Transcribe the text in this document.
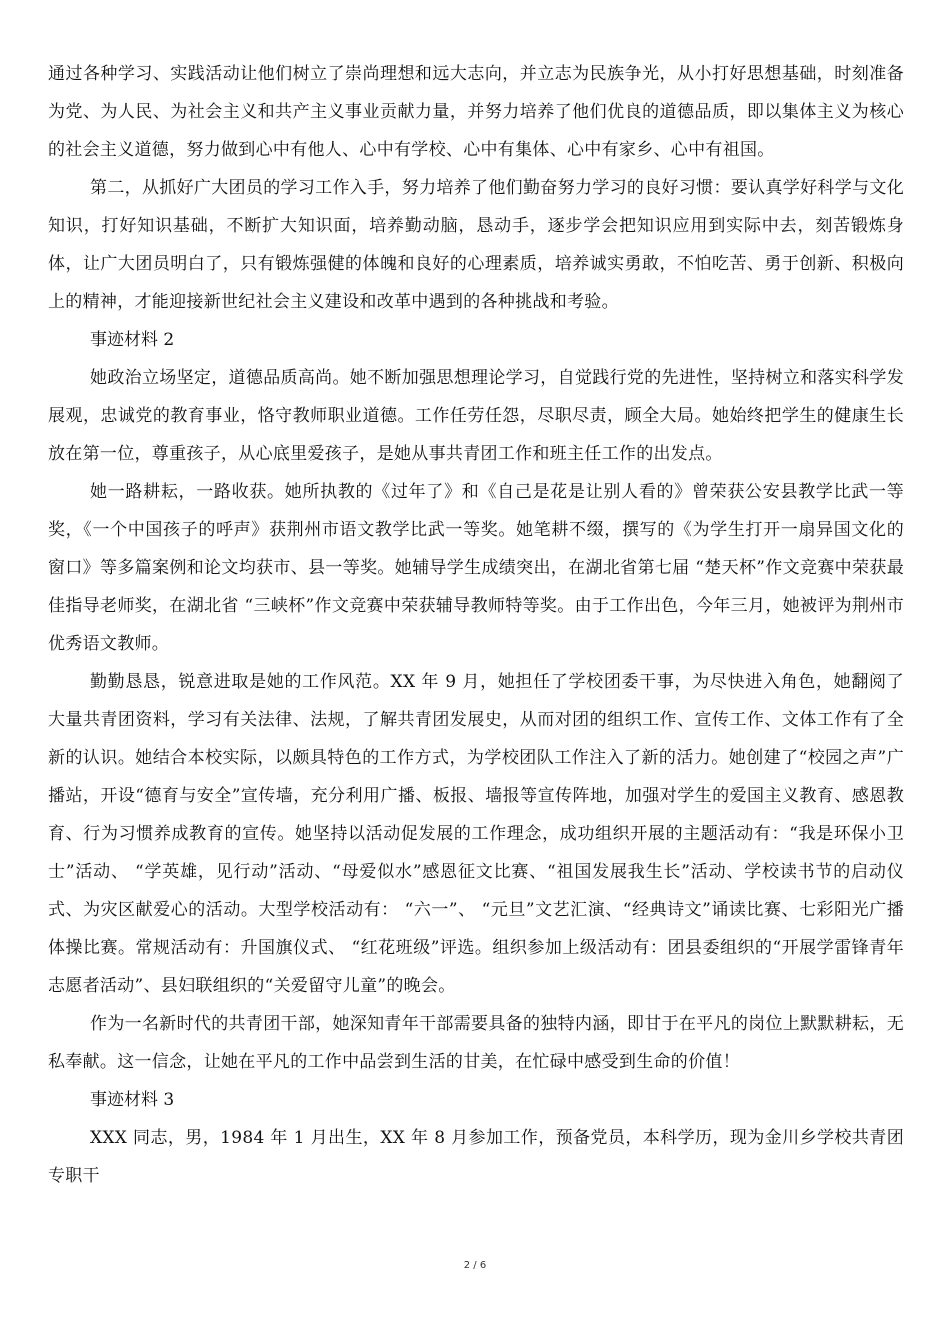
通过各种学习、实践活动让他们树立了崇尚理想和远大志向，并立志为民族争光，从小打好思想基础，时刻准备为党、为人民、为社会主义和共产主义事业贡献力量，并努力培养了他们优良的道德品质，即以集体主义为核心的社会主义道德，努力做到心中有他人、心中有学校、心中有集体、心中有家乡、心中有祖国。

第二，从抓好广大团员的学习工作入手，努力培养了他们勤奋努力学习的良好习惯：要认真学好科学与文化知识，打好知识基础，不断扩大知识面，培养勤动脑，恳动手，逐步学会把知识应用到实际中去，刻苦锻炼身体，让广大团员明白了，只有锻炼强健的体魄和良好的心理素质，培养诚实勇敢，不怕吃苦、勇于创新、积极向上的精神，才能迎接新世纪社会主义建设和改革中遇到的各种挑战和考验。

事迹材料 2

她政治立场坚定，道德品质高尚。她不断加强思想理论学习，自觉践行党的先进性，坚持树立和落实科学发展观，忠诚党的教育事业，恪守教师职业道德。工作任劳任怨，尽职尽责，顾全大局。她始终把学生的健康生长放在第一位，尊重孩子，从心底里爱孩子，是她从事共青团工作和班主任工作的出发点。

她一路耕耘，一路收获。她所执教的《过年了》和《自己是花是让别人看的》曾荣获公安县教学比武一等奖，《一个中国孩子的呼声》获荆州市语文教学比武一等奖。她笔耕不缀，撰写的《为学生打开一扇异国文化的窗口》等多篇案例和论文均获市、县一等奖。她辅导学生成绩突出，在湖北省第七届 “楚天杯”作文竞赛中荣获最佳指导老师奖，在湖北省 “三峡杯”作文竞赛中荣获辅导教师特等奖。由于工作出色，今年三月，她被评为荆州市优秀语文教师。

勤勤恳恳，锐意进取是她的工作风范。XX 年 9 月，她担任了学校团委干事，为尽快进入角色，她翻阅了大量共青团资料，学习有关法律、法规，了解共青团发展史，从而对团的组织工作、宣传工作、文体工作有了全新的认识。她结合本校实际，以颇具特色的工作方式，为学校团队工作注入了新的活力。她创建了“校园之声”广播站，开设“德育与安全”宣传墙，充分利用广播、板报、墙报等宣传阵地，加强对学生的爱国主义教育、感恩教育、行为习惯养成教育的宣传。她坚持以活动促发展的工作理念，成功组织开展的主题活动有：“我是环保小卫士”活动、 “学英雄，见行动”活动、“母爱似水”感恩征文比赛、“祖国发展我生长”活动、学校读书节的启动仪式、为灾区献爱心的活动。大型学校活动有： “六一”、 “元旦”文艺汇演、“经典诗文”诵读比赛、七彩阳光广播体操比赛。常规活动有：升国旗仪式、 “红花班级”评选。组织参加上级活动有：团县委组织的“开展学雷锋青年志愿者活动”、县妇联组织的“关爱留守儿童”的晚会。

作为一名新时代的共青团干部，她深知青年干部需要具备的独特内涵，即甘于在平凡的岗位上默默耕耘，无私奉献。这一信念，让她在平凡的工作中品尝到生活的甘美，在忙碌中感受到生命的价值！

事迹材料 3

XXX 同志，男，1984 年 1 月出生，XX 年 8 月参加工作，预备党员，本科学历，现为金川乡学校共青团专职干

2 / 6
